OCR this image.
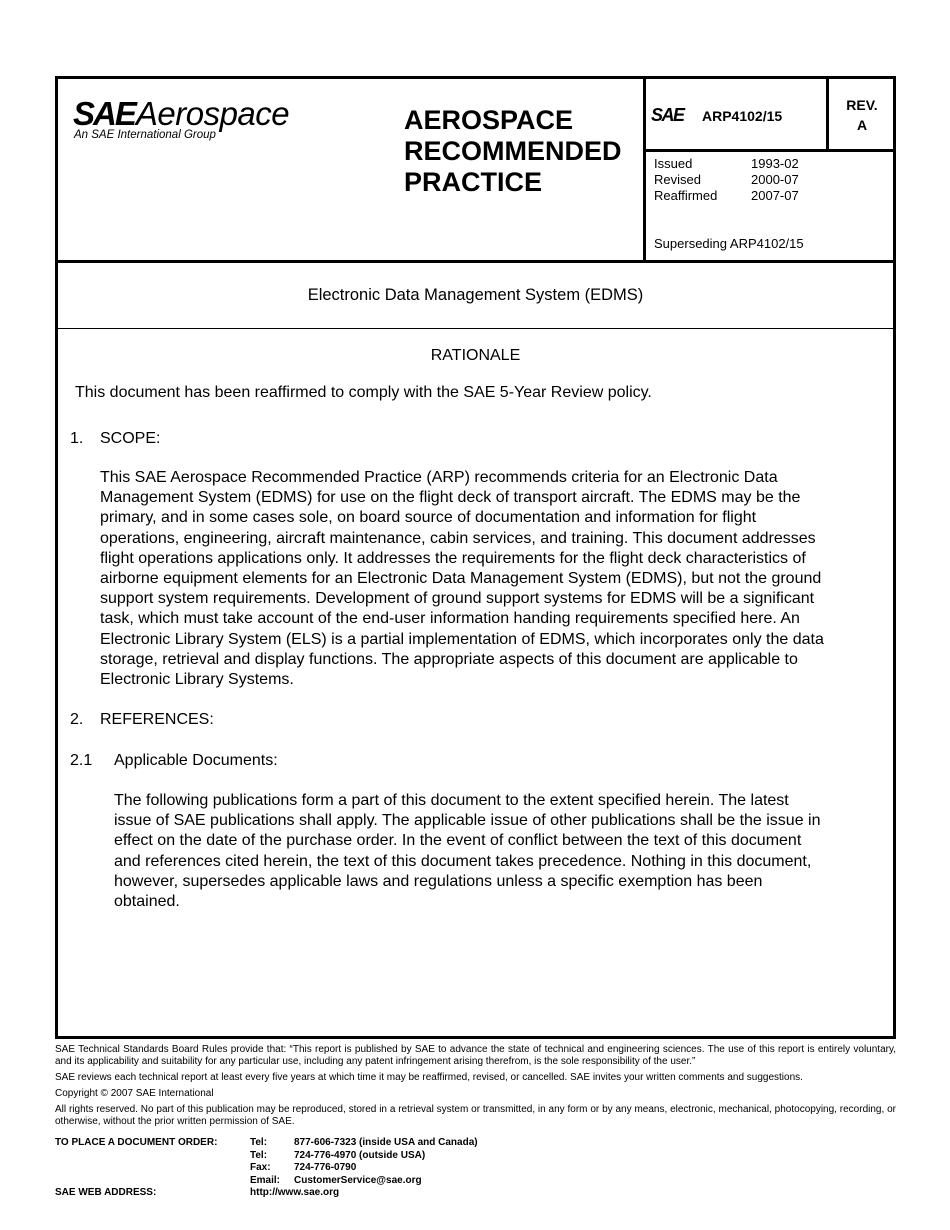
SAE Aerospace
An SAE International Group	AEROSPACE
RECOMMENDED
PRACTICE
SAE ARP4102/15
REV.
A
Issued	1993-02
Revised	2000-07
Reaffirmed	2007-07
Superseding ARP4102/15
Electronic Data Management System (EDMS)
RATIONALE
This document has been reaffirmed to comply with the SAE 5-Year Review policy.
1. SCOPE:
This SAE Aerospace Recommended Practice (ARP) recommends criteria for an Electronic Data
Management System (EDMS) for use on the flight deck of transport aircraft. The EDMS may be the
primary, and in some cases sole, on board source of documentation and information for flight
operations, engineering, aircraft maintenance, cabin services, and training. This document addresses
flight operations applications only. It addresses the requirements for the flight deck characteristics of
airborne equipment elements for an Electronic Data Management System (EDMS), but not the ground
support system requirements. Development of ground support systems for EDMS will be a significant
task, which must take account of the end-user information handing requirements specified here. An
Electronic Library System (ELS) is a partial implementation of EDMS, which incorporates only the data
storage, retrieval and display functions. The appropriate aspects of this document are applicable to
Electronic Library Systems.
2. REFERENCES:
2.1 Applicable Documents:
The following publications form a part of this document to the extent specified herein. The latest
issue of SAE publications shall apply. The applicable issue of other publications shall be the issue in
effect on the date of the purchase order. In the event of conflict between the text of this document
and references cited herein, the text of this document takes precedence. Nothing in this document,
however, supersedes applicable laws and regulations unless a specific exemption has been
obtained.

SAE Technical Standards Board Rules provide that: “This report is published by SAE to advance the state of technical and engineering sciences. The use of this report is entirely voluntary, and its applicability and suitability for any particular use, including any patent infringement arising therefrom, is the sole responsibility of the user.”

SAE reviews each technical report at least every five years at which time it may be reaffirmed, revised, or cancelled. SAE invites your written comments and suggestions.

Copyright © 2007 SAE International

All rights reserved. No part of this publication may be reproduced, stored in a retrieval system or transmitted, in any form or by any means, electronic, mechanical, photocopying, recording, or otherwise, without the prior written permission of SAE.

TO PLACE A DOCUMENT ORDER:	Tel:	877-606-7323 (inside USA and Canada)
Tel:	724-776-4970 (outside USA)
Fax:	724-776-0790
Email:	CustomerService@sae.org
SAE WEB ADDRESS:	http://www.sae.org
